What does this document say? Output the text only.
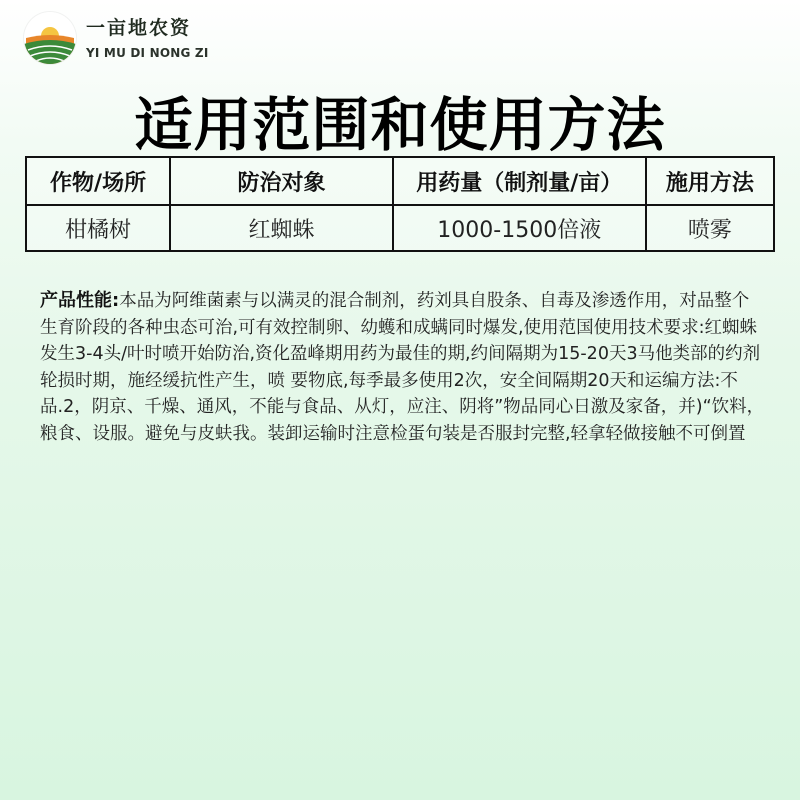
一亩地农资
YI MU DI NONG ZI
适用范围和使用方法
作物/场所	防治对象	用药量（制剂量/亩）	施用方法
柑橘树	红蜘蛛	1000-1500倍液	喷雾
产品性能:本品为阿维菌素与以满灵的混合制剂，药刘具自股条、自毒及渗透作用，对品整个生育阶段的各种虫态可治,可有效控制卵、幼蠖和成螨同时爆发,使用范国使用技术要求:红蜘蛛发生3-4头/叶时喷开始防治,资化盈峰期用药为最佳的期,约间隔期为15-20天3马他类部的约剂轮损时期，施经缓抗性产生，喷 要物底,每季最多使用2次，安全间隔期20天和运编方法:不品.2，阴京、千燥、通风，不能与食品、从灯，应注、阴将”物品同心日激及家备，并)“饮料，粮食、设服。避免与皮蚨我。装卸运输时注意检蛋句装是否服封完整,轻拿轻做接触不可倒置
